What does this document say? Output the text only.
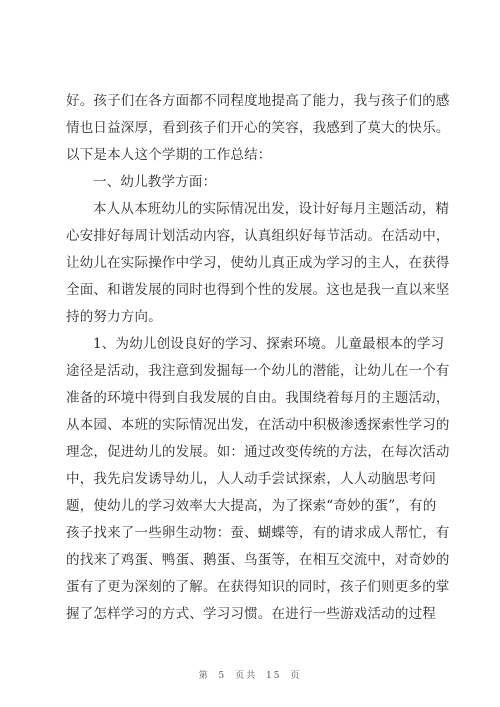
好。孩子们在各方面都不同程度地提高了能力，我与孩子们的感
情也日益深厚，看到孩子们开心的笑容，我感到了莫大的快乐。
以下是本人这个学期的工作总结：
一、幼儿教学方面：
本人从本班幼儿的实际情况出发，设计好每月主题活动，精
心安排好每周计划活动内容，认真组织好每节活动。在活动中，
让幼儿在实际操作中学习，使幼儿真正成为学习的主人，在获得
全面、和谐发展的同时也得到个性的发展。这也是我一直以来坚
持的努力方向。
1、为幼儿创设良好的学习、探索环境。儿童最根本的学习
途径是活动，我注意到发掘每一个幼儿的潜能，让幼儿在一个有
准备的环境中得到自我发展的自由。我围绕着每月的主题活动，
从本园、本班的实际情况出发，在活动中积极渗透探索性学习的
理念，促进幼儿的发展。如：通过改变传统的方法，在每次活动
中，我先启发诱导幼儿，人人动手尝试探索，人人动脑思考问
题，使幼儿的学习效率大大提高，为了探索“奇妙的蛋”，有的
孩子找来了一些卵生动物：蚕、蝴蝶等，有的请求成人帮忙，有
的找来了鸡蛋、鸭蛋、鹅蛋、鸟蛋等，在相互交流中，对奇妙的
蛋有了更为深刻的了解。在获得知识的同时，孩子们则更多的掌
握了怎样学习的方式、学习习惯。在进行一些游戏活动的过程
第 5 页共 15 页
